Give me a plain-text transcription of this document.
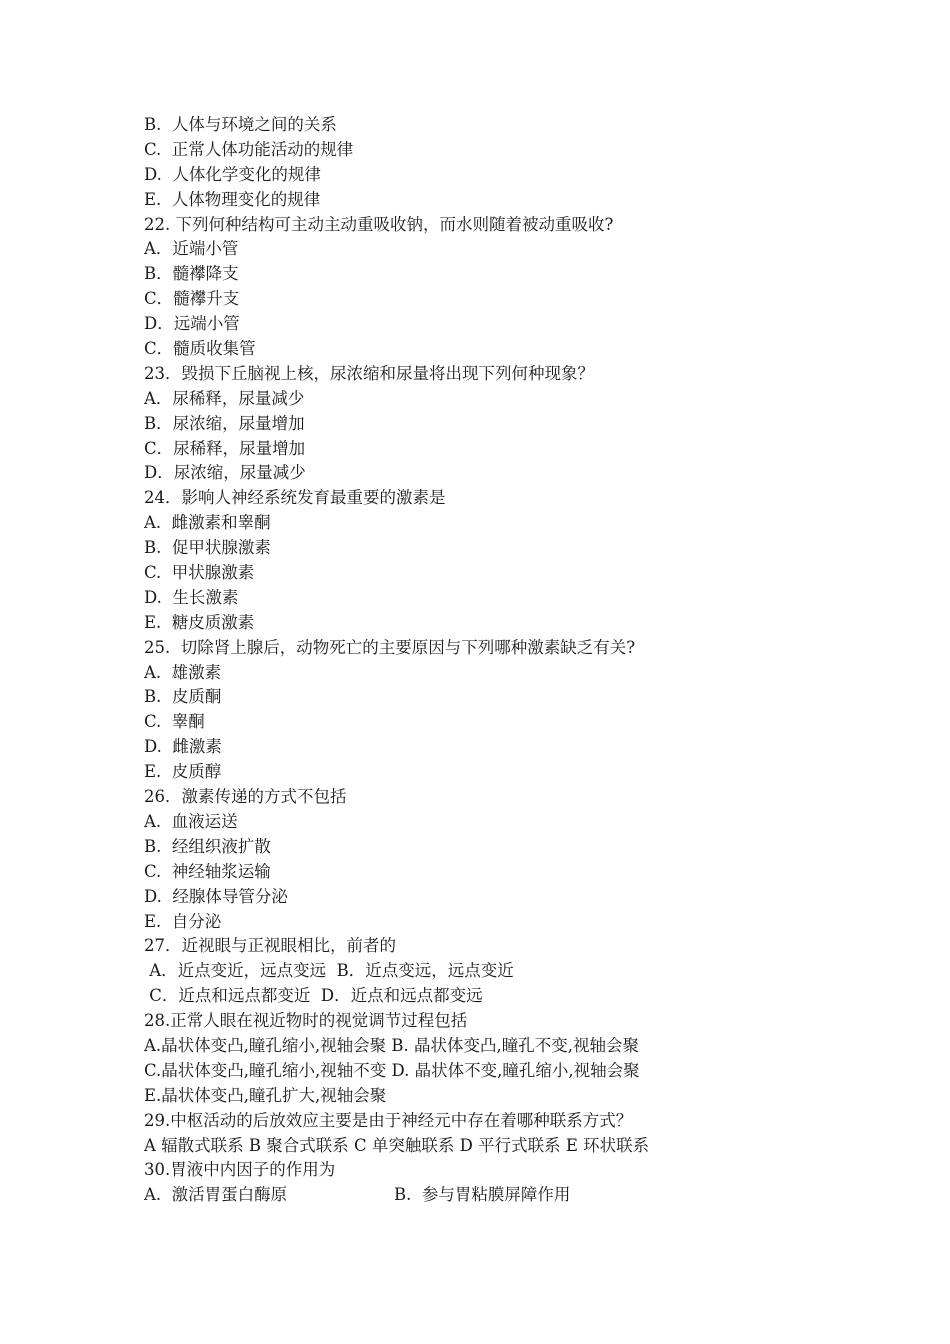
B.  人体与环境之间的关系
C.  正常人体功能活动的规律
D.  人体化学变化的规律
E.  人体物理变化的规律
22. 下列何种结构可主动主动重吸收钠，而水则随着被动重吸收?
A．近端小管
B．髓襻降支
C．髓襻升支
D．远端小管
C．髓质收集管
23．毁损下丘脑视上核，尿浓缩和尿量将出现下列何种现象？
A．尿稀释，尿量减少
B．尿浓缩，尿量增加
C．尿稀释，尿量增加
D．尿浓缩，尿量减少
24．影响人神经系统发育最重要的激素是
A.  雌激素和睾酮
B.  促甲状腺激素
C.  甲状腺激素
D.  生长激素
E.  糖皮质激素
25.  切除肾上腺后，动物死亡的主要原因与下列哪种激素缺乏有关?
A.  雄激素
B.  皮质酮
C.  睾酮
D.  雌激素
E.  皮质醇
26．激素传递的方式不包括
A.  血液运送
B.  经组织液扩散
C.  神经轴浆运输
D.  经腺体导管分泌
E.  自分泌
27．近视眼与正视眼相比，前者的
A．近点变近，远点变远  B．近点变远，远点变近
C．近点和远点都变近  D．近点和远点都变远
28.正常人眼在视近物时的视觉调节过程包括
A.晶状体变凸,瞳孔缩小,视轴会聚 B. 晶状体变凸,瞳孔不变,视轴会聚
C.晶状体变凸,瞳孔缩小,视轴不变 D. 晶状体不变,瞳孔缩小,视轴会聚
E.晶状体变凸,瞳孔扩大,视轴会聚
29.中枢活动的后放效应主要是由于神经元中存在着哪种联系方式？
A 辐散式联系 B 聚合式联系 C 单突触联系 D 平行式联系 E 环状联系
30.胃液中内因子的作用为
A.  激活胃蛋白酶原	B.  参与胃粘膜屏障作用
